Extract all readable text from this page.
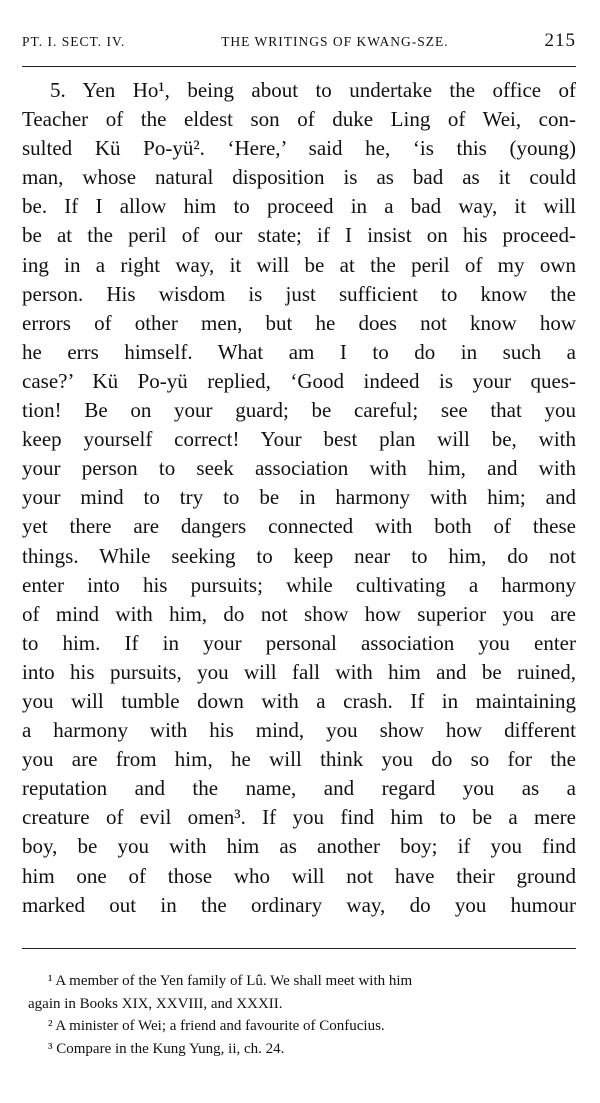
PT. I. SECT. IV.	THE WRITINGS OF KWANG-SZE.	215
5. Yen Ho¹, being about to undertake the office of
Teacher of the eldest son of duke Ling of Wei, con-
sulted Kü Po-yü². ‘Here,’ said he, ‘is this (young)
man, whose natural disposition is as bad as it could
be. If I allow him to proceed in a bad way, it will
be at the peril of our state; if I insist on his proceed-
ing in a right way, it will be at the peril of my own
person. His wisdom is just sufficient to know the
errors of other men, but he does not know how
he errs himself. What am I to do in such a
case?’ Kü Po-yü replied, ‘Good indeed is your ques-
tion! Be on your guard; be careful; see that you
keep yourself correct! Your best plan will be, with
your person to seek association with him, and with
your mind to try to be in harmony with him; and
yet there are dangers connected with both of these
things. While seeking to keep near to him, do not
enter into his pursuits; while cultivating a harmony
of mind with him, do not show how superior you are
to him. If in your personal association you enter
into his pursuits, you will fall with him and be ruined,
you will tumble down with a crash. If in maintaining
a harmony with his mind, you show how different
you are from him, he will think you do so for the
reputation and the name, and regard you as a
creature of evil omen³. If you find him to be a mere
boy, be you with him as another boy; if you find
him one of those who will not have their ground
marked out in the ordinary way, do you humour
¹ A member of the Yen family of Lû. We shall meet with him
again in Books XIX, XXVIII, and XXXII.
² A minister of Wei; a friend and favourite of Confucius.
³ Compare in the Kung Yung, ii, ch. 24.
